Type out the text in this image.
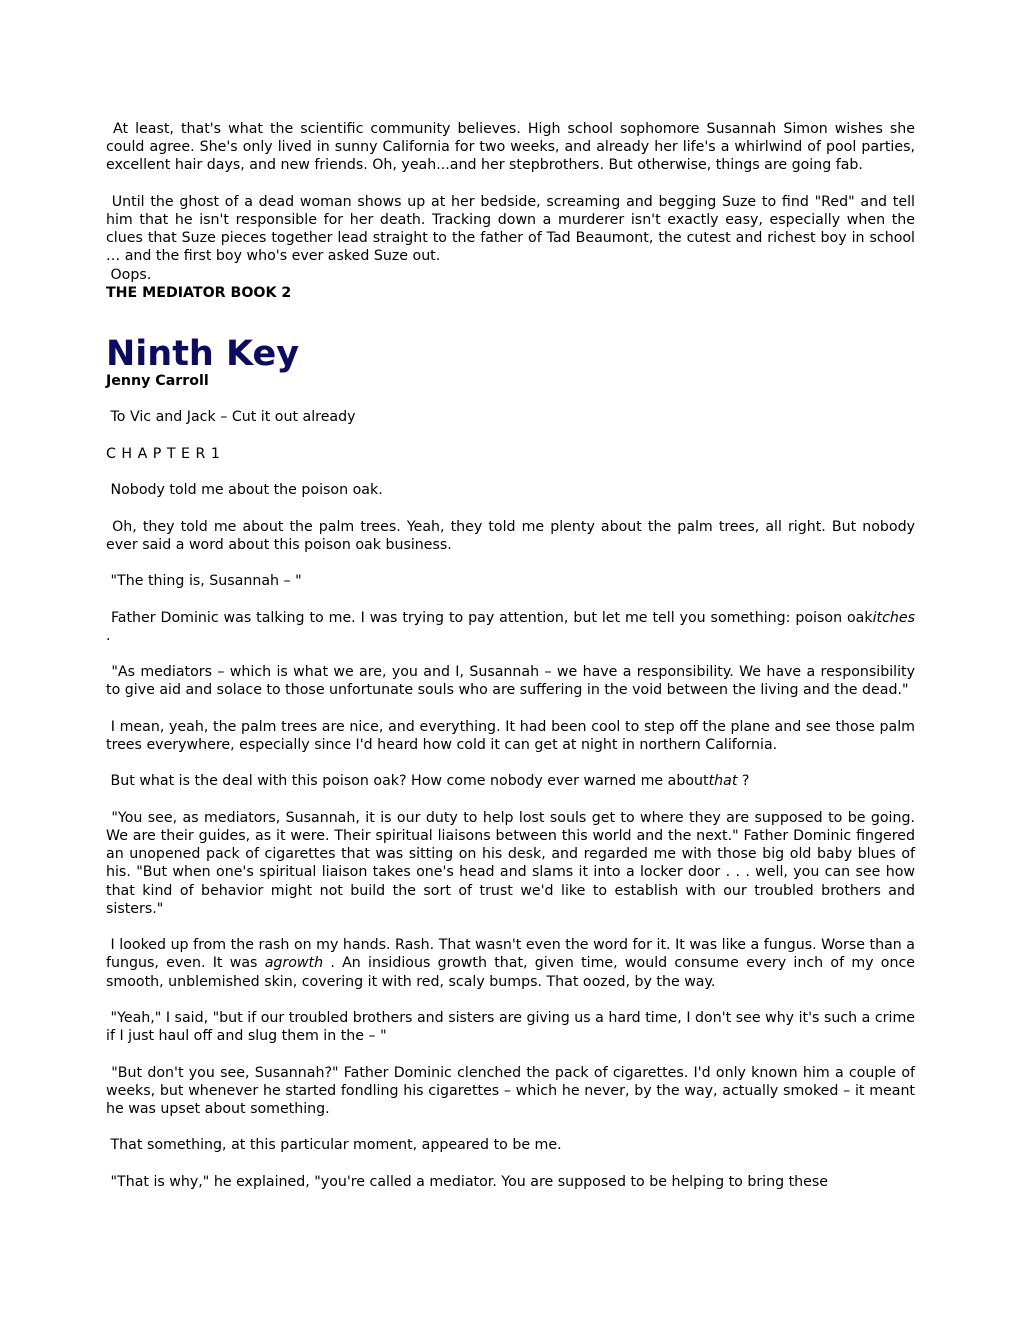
At least, that's what the scientific community believes. High school sophomore Susannah Simon wishes she could agree. She's only lived in sunny California for two weeks, and already her life's a whirlwind of pool parties, excellent hair days, and new friends. Oh, yeah...and her stepbrothers. But otherwise, things are going fab.

Until the ghost of a dead woman shows up at her bedside, screaming and begging Suze to find "Red" and tell him that he isn't responsible for her death. Tracking down a murderer isn't exactly easy, especially when the clues that Suze pieces together lead straight to the father of Tad Beaumont, the cutest and richest boy in school … and the first boy who's ever asked Suze out.

Oops.

THE MEDIATOR BOOK 2

Ninth Key

Jenny Carroll

To Vic and Jack – Cut it out already

C H A P T E R 1

Nobody told me about the poison oak.

Oh, they told me about the palm trees. Yeah, they told me plenty about the palm trees, all right. But nobody ever said a word about this poison oak business.

"The thing is, Susannah – "

Father Dominic was talking to me. I was trying to pay attention, but let me tell you something: poison oakitches .

"As mediators – which is what we are, you and I, Susannah – we have a responsibility. We have a responsibility to give aid and solace to those unfortunate souls who are suffering in the void between the living and the dead."

I mean, yeah, the palm trees are nice, and everything. It had been cool to step off the plane and see those palm trees everywhere, especially since I'd heard how cold it can get at night in northern California.

But what is the deal with this poison oak? How come nobody ever warned me aboutthat ?

"You see, as mediators, Susannah, it is our duty to help lost souls get to where they are supposed to be going. We are their guides, as it were. Their spiritual liaisons between this world and the next." Father Dominic fingered an unopened pack of cigarettes that was sitting on his desk, and regarded me with those big old baby blues of his. "But when one's spiritual liaison takes one's head and slams it into a locker door . . . well, you can see how that kind of behavior might not build the sort of trust we'd like to establish with our troubled brothers and sisters."

I looked up from the rash on my hands. Rash. That wasn't even the word for it. It was like a fungus. Worse than a fungus, even. It was agrowth . An insidious growth that, given time, would consume every inch of my once smooth, unblemished skin, covering it with red, scaly bumps. That oozed, by the way.

"Yeah," I said, "but if our troubled brothers and sisters are giving us a hard time, I don't see why it's such a crime if I just haul off and slug them in the – "

"But don't you see, Susannah?" Father Dominic clenched the pack of cigarettes. I'd only known him a couple of weeks, but whenever he started fondling his cigarettes – which he never, by the way, actually smoked – it meant he was upset about something.

That something, at this particular moment, appeared to be me.

"That is why," he explained, "you're called a mediator. You are supposed to be helping to bring these
